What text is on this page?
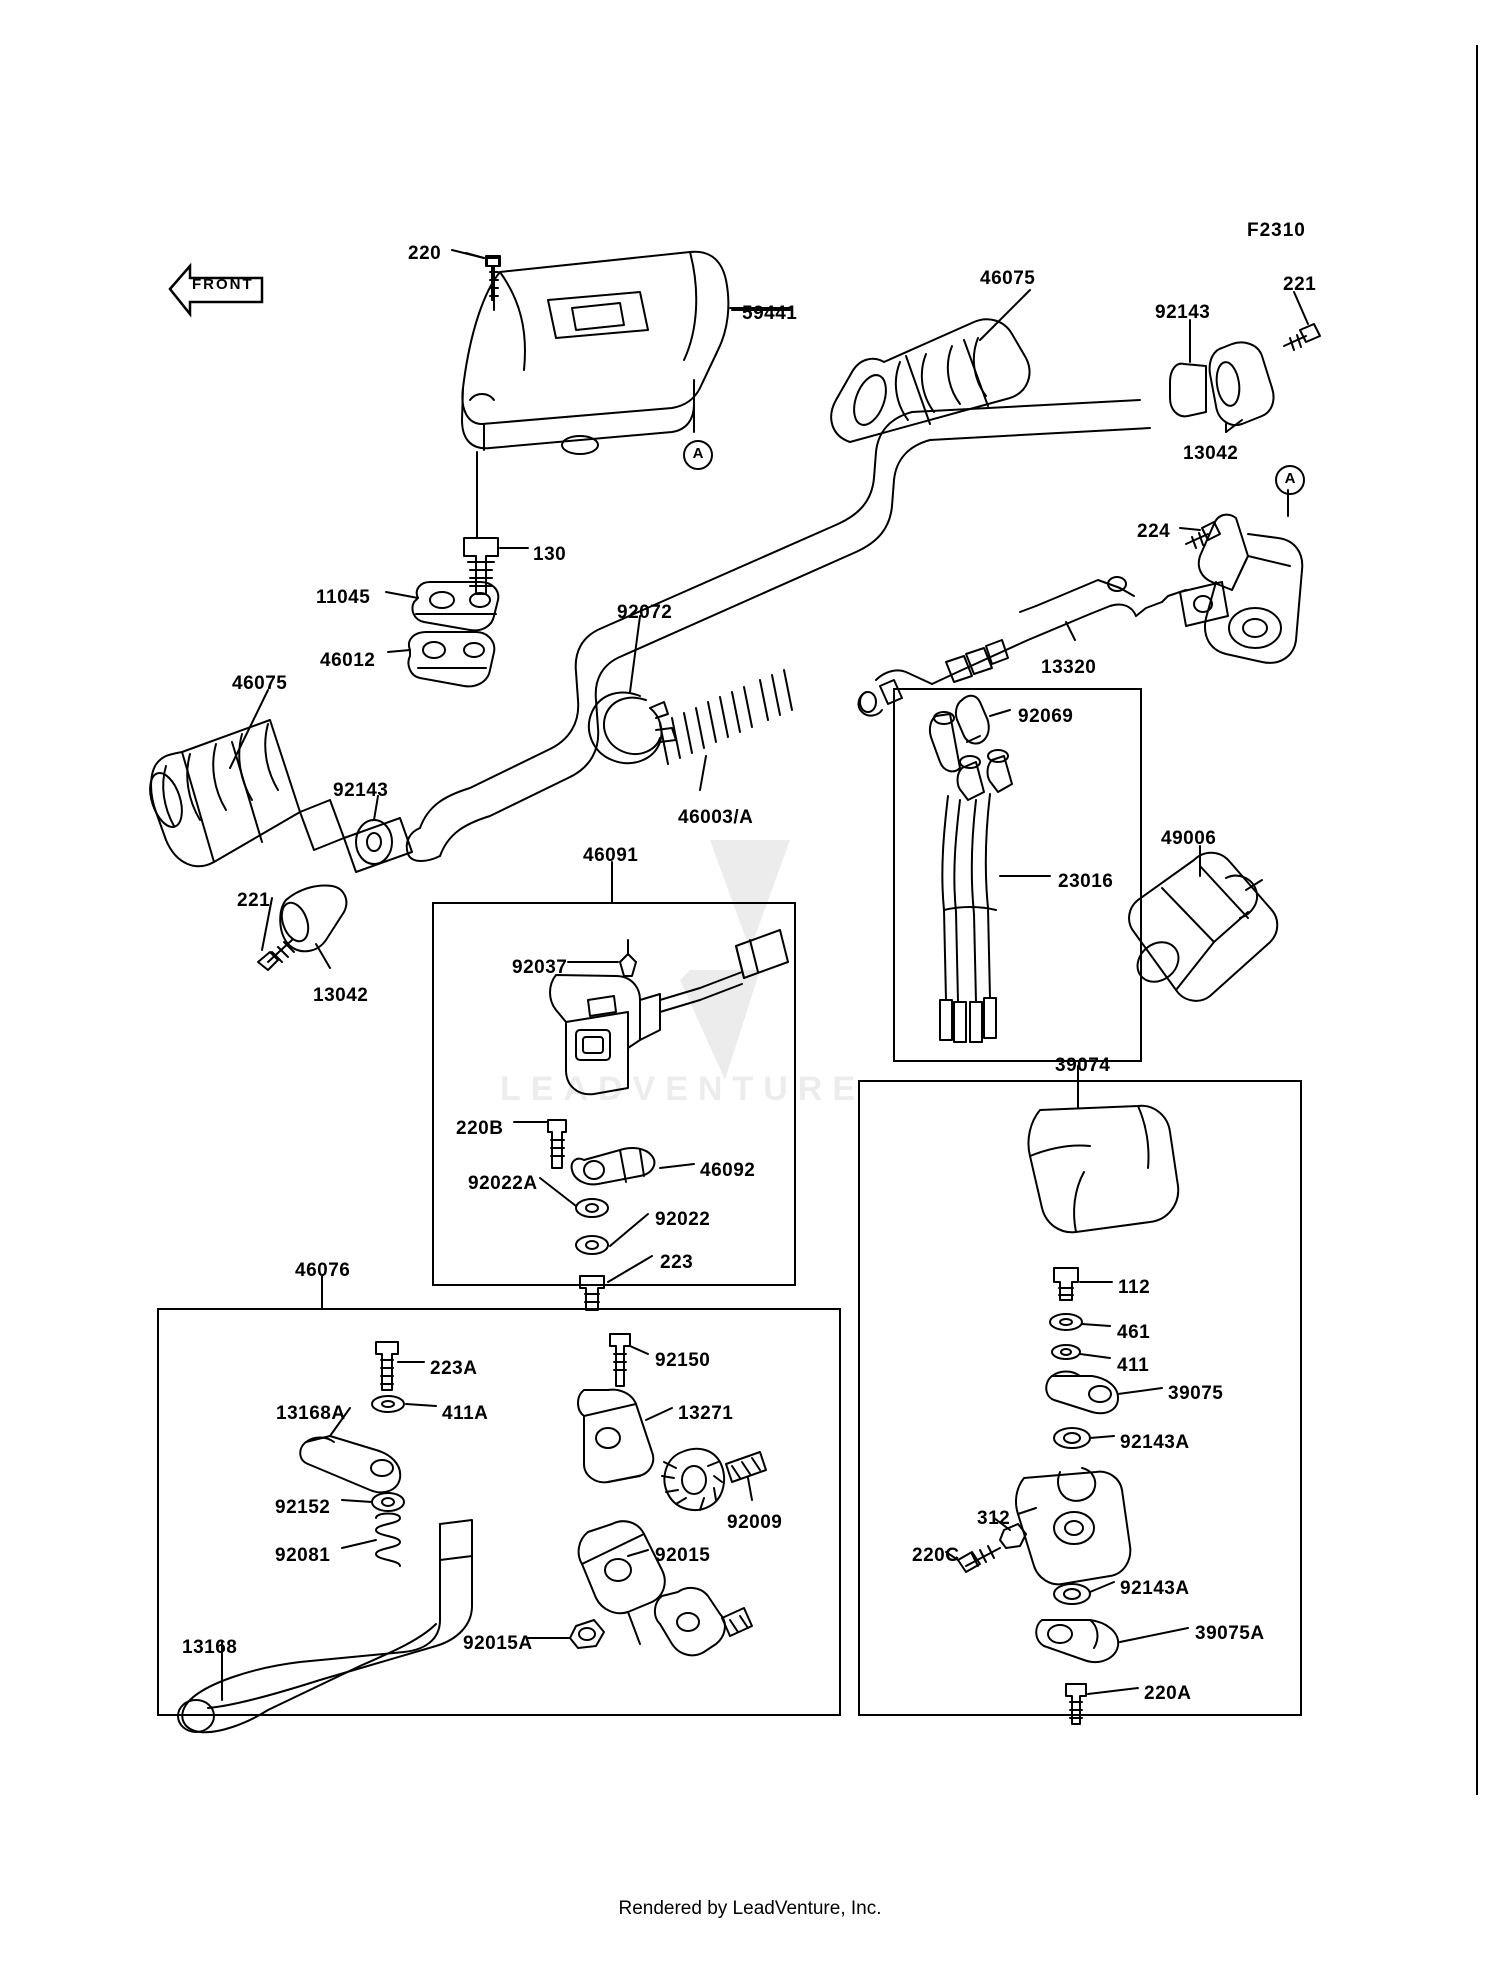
F2310
FRONT
LEADVENTURE
A
A
220
59441
46075
92143
221
13042
130
11045
46012
92072
224
13320
46075
92143
221
13042
46003/A
92069
23016
49006
46091
92037
220B
92022A
46092
92022
223
39074
112
461
411
39075
92143A
312
220C
92143A
39075A
220A
46076
223A
13168A	411A
92152
92081
13168
92150
13271
92009
92015
92015A
Rendered by LeadVenture, Inc.
